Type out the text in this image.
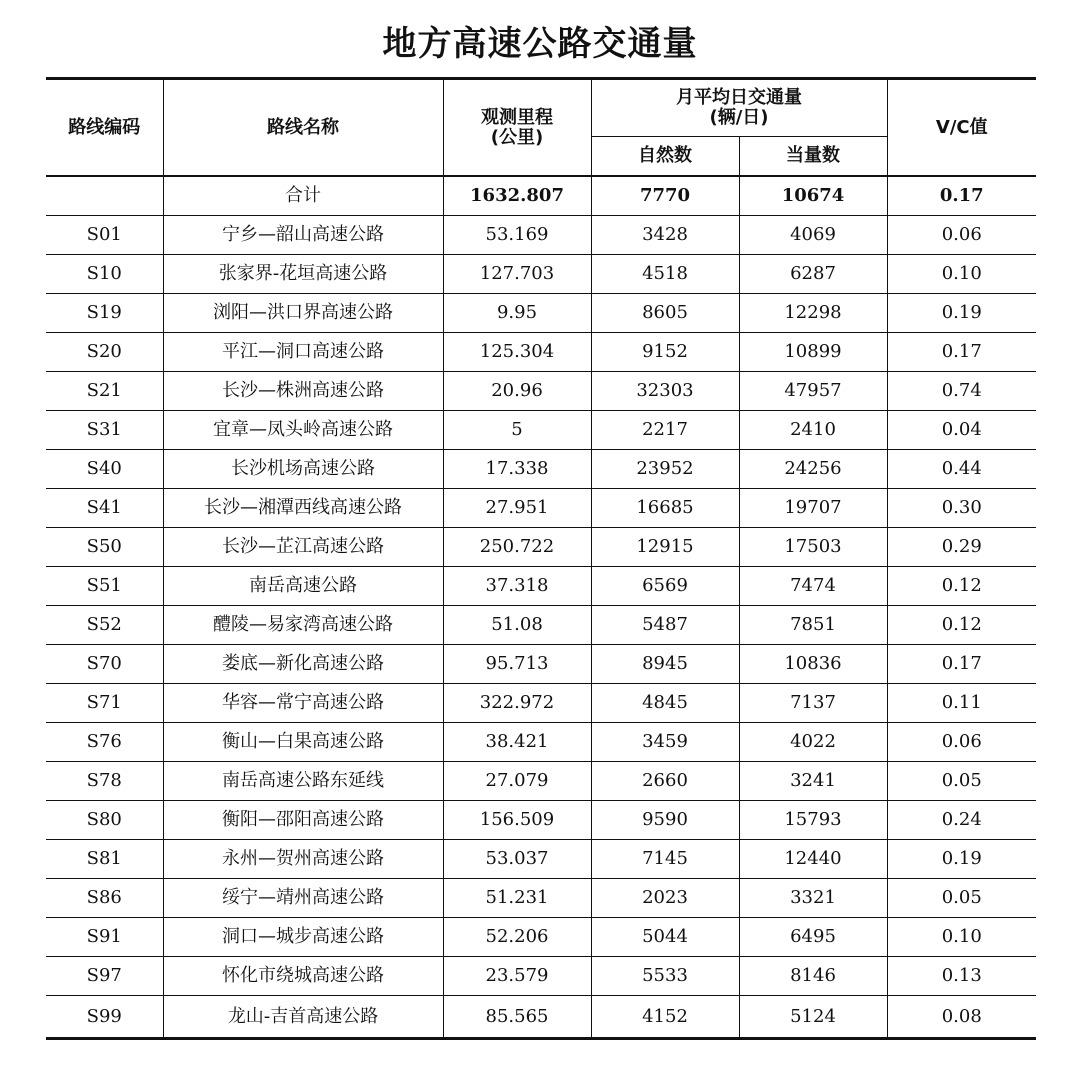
地方高速公路交通量
路线编码	路线名称	观测里程
(公里)	月平均日交通量
(辆/日)		V/C值
			自然数	当量数	
	合计	1632.807	7770	10674	0.17
S01	宁乡—韶山高速公路	53.169	3428	4069	0.06
S10	张家界-花垣高速公路	127.703	4518	6287	0.10
S19	浏阳—洪口界高速公路	9.95	8605	12298	0.19
S20	平江—洞口高速公路	125.304	9152	10899	0.17
S21	长沙—株洲高速公路	20.96	32303	47957	0.74
S31	宜章—凤头岭高速公路	5	2217	2410	0.04
S40	长沙机场高速公路	17.338	23952	24256	0.44
S41	长沙—湘潭西线高速公路	27.951	16685	19707	0.30
S50	长沙—芷江高速公路	250.722	12915	17503	0.29
S51	南岳高速公路	37.318	6569	7474	0.12
S52	醴陵—易家湾高速公路	51.08	5487	7851	0.12
S70	娄底—新化高速公路	95.713	8945	10836	0.17
S71	华容—常宁高速公路	322.972	4845	7137	0.11
S76	衡山—白果高速公路	38.421	3459	4022	0.06
S78	南岳高速公路东延线	27.079	2660	3241	0.05
S80	衡阳—邵阳高速公路	156.509	9590	15793	0.24
S81	永州—贺州高速公路	53.037	7145	12440	0.19
S86	绥宁—靖州高速公路	51.231	2023	3321	0.05
S91	洞口—城步高速公路	52.206	5044	6495	0.10
S97	怀化市绕城高速公路	23.579	5533	8146	0.13
S99	龙山-吉首高速公路	85.565	4152	5124	0.08
